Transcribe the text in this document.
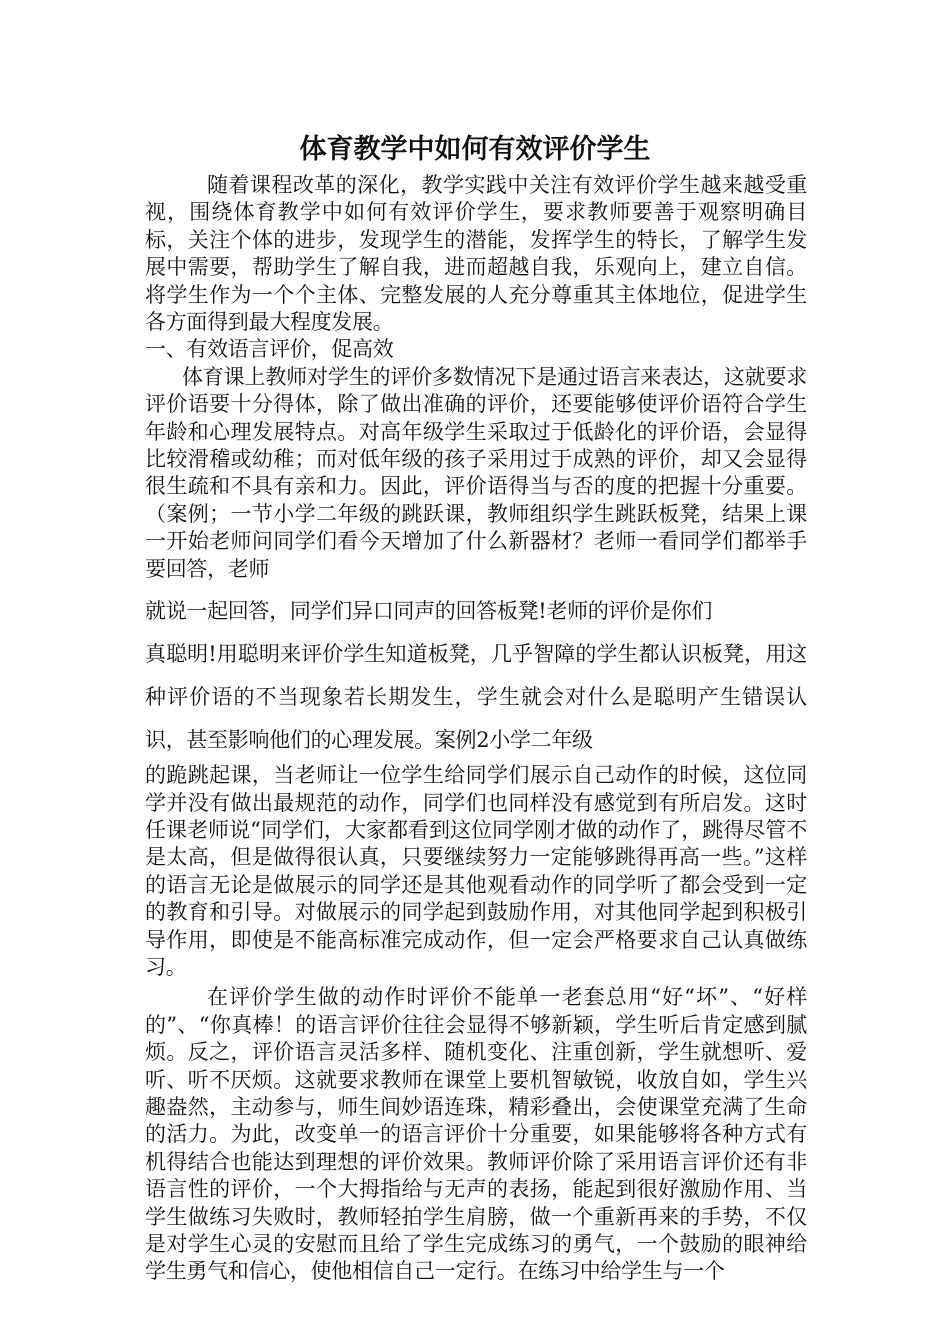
体育教学中如何有效评价学生

随着课程改革的深化，教学实践中关注有效评价学生越来越受重视，围绕体育教学中如何有效评价学生，要求教师要善于观察明确目标，关注个体的进步，发现学生的潜能，发挥学生的特长，了解学生发展中需要，帮助学生了解自我，进而超越自我，乐观向上，建立自信。将学生作为一个个主体、完整发展的人充分尊重其主体地位，促进学生各方面得到最大程度发展。

一、有效语言评价，促高效

体育课上教师对学生的评价多数情况下是通过语言来表达，这就要求评价语要十分得体，除了做出准确的评价，还要能够使评价语符合学生年龄和心理发展特点。对高年级学生采取过于低龄化的评价语，会显得比较滑稽或幼稚；而对低年级的孩子采用过于成熟的评价，却又会显得很生疏和不具有亲和力。因此，评价语得当与否的度的把握十分重要。（案例；一节小学二年级的跳跃课，教师组织学生跳跃板凳，结果上课一开始老师问同学们看今天增加了什么新器材？老师一看同学们都举手要回答，老师

就说一起回答，同学们异口同声的回答板凳!老师的评价是你们

真聪明!用聪明来评价学生知道板凳，几乎智障的学生都认识板凳，用这种评价语的不当现象若长期发生，学生就会对什么是聪明产生错误认识，甚至影响他们的心理发展。案例2小学二年级

的跪跳起课，当老师让一位学生给同学们展示自己动作的时候，这位同学并没有做出最规范的动作，同学们也同样没有感觉到有所启发。这时任课老师说“同学们，大家都看到这位同学刚才做的动作了，跳得尽管不是太高，但是做得很认真，只要继续努力一定能够跳得再高一些。”这样的语言无论是做展示的同学还是其他观看动作的同学听了都会受到一定的教育和引导。对做展示的同学起到鼓励作用，对其他同学起到积极引导作用，即使是不能高标准完成动作，但一定会严格要求自己认真做练习。

在评价学生做的动作时评价不能单一老套总用“好“坏”、“好样的”、“你真棒！的语言评价往往会显得不够新颖，学生听后肯定感到腻烦。反之，评价语言灵活多样、随机变化、注重创新，学生就想听、爱听、听不厌烦。这就要求教师在课堂上要机智敏锐，收放自如，学生兴趣盎然，主动参与，师生间妙语连珠，精彩叠出，会使课堂充满了生命的活力。为此，改变单一的语言评价十分重要，如果能够将各种方式有机得结合也能达到理想的评价效果。教师评价除了采用语言评价还有非语言性的评价，一个大拇指给与无声的表扬，能起到很好激励作用、当学生做练习失败时，教师轻拍学生肩膀，做一个重新再来的手势，不仅是对学生心灵的安慰而且给了学生完成练习的勇气，一个鼓励的眼神给学生勇气和信心，使他相信自己一定行。在练习中给学生与一个
